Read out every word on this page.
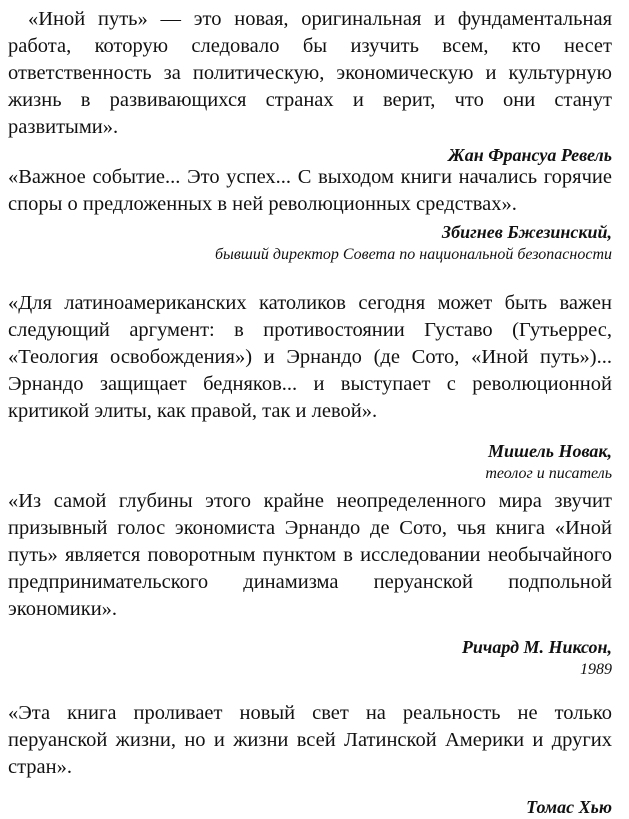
«Иной путь» — это новая, оригинальная и фундаментальная работа, которую следовало бы изучить всем, кто несет ответственность за политическую, экономическую и культурную жизнь в развивающихся странах и верит, что они станут развитыми».

Жан Франсуа Ревель

«Важное событие... Это успех... С выходом книги начались горячие споры о предложенных в ней революционных средствах».

Збигнев Бжезинский,

бывший директор Совета по национальной безопасности

«Для латиноамериканских католиков сегодня может быть важен следующий аргумент: в противостоянии Густаво (Гутьеррес, «Теология освобождения») и Эрнандо (де Сото, «Иной путь»)... Эрнандо защищает бедняков... и выступает с революционной критикой элиты, как правой, так и левой».

Мишель Новак,

теолог и писатель

«Из самой глубины этого крайне неопределенного мира звучит призывный голос экономиста Эрнандо де Сото, чья книга «Иной путь» является поворотным пунктом в исследовании необычайного предпринимательского динамизма перуанской подпольной экономики».

Ричард М. Никсон,

1989

«Эта книга проливает новый свет на реальность не только перуанской жизни, но и жизни всей Латинской Америки и других стран».

Томас Хью
